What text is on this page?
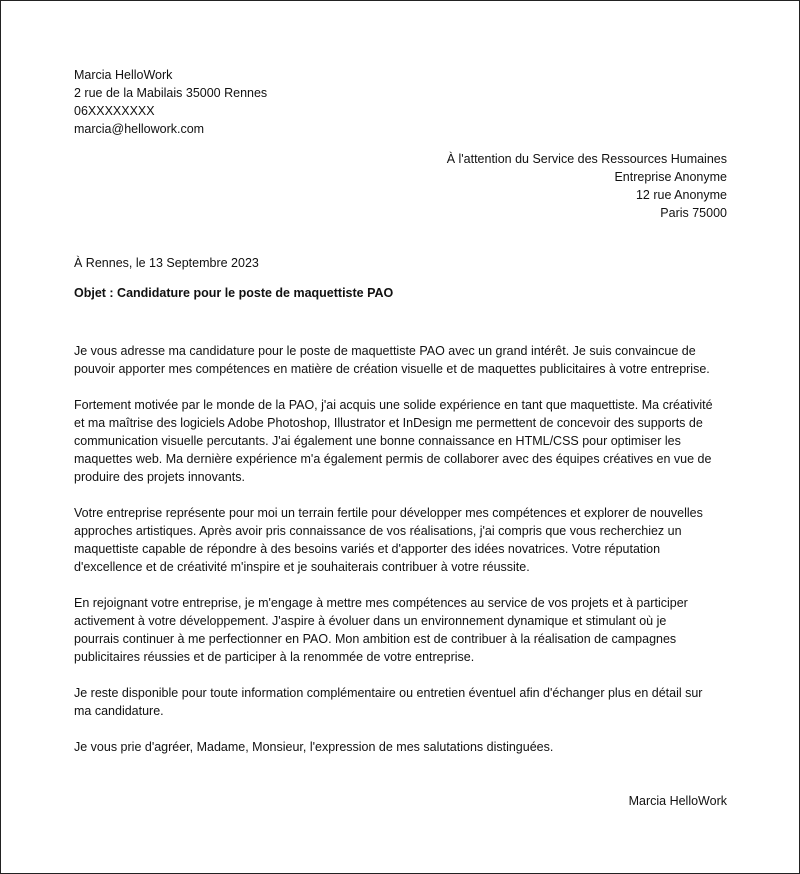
Marcia HelloWork
2 rue de la Mabilais 35000 Rennes
06XXXXXXXX
marcia@hellowork.com
À l'attention du Service des Ressources Humaines
Entreprise Anonyme
12 rue Anonyme
Paris 75000
À Rennes, le 13 Septembre 2023
Objet : Candidature pour le poste de maquettiste PAO

Je vous adresse ma candidature pour le poste de maquettiste PAO avec un grand intérêt. Je suis convaincue de
pouvoir apporter mes compétences en matière de création visuelle et de maquettes publicitaires à votre entreprise.

Fortement motivée par le monde de la PAO, j'ai acquis une solide expérience en tant que maquettiste. Ma créativité
et ma maîtrise des logiciels Adobe Photoshop, Illustrator et InDesign me permettent de concevoir des supports de
communication visuelle percutants. J'ai également une bonne connaissance en HTML/CSS pour optimiser les
maquettes web. Ma dernière expérience m'a également permis de collaborer avec des équipes créatives en vue de
produire des projets innovants.

Votre entreprise représente pour moi un terrain fertile pour développer mes compétences et explorer de nouvelles
approches artistiques. Après avoir pris connaissance de vos réalisations, j'ai compris que vous recherchiez un
maquettiste capable de répondre à des besoins variés et d'apporter des idées novatrices. Votre réputation
d'excellence et de créativité m'inspire et je souhaiterais contribuer à votre réussite.

En rejoignant votre entreprise, je m'engage à mettre mes compétences au service de vos projets et à participer
activement à votre développement. J'aspire à évoluer dans un environnement dynamique et stimulant où je
pourrais continuer à me perfectionner en PAO. Mon ambition est de contribuer à la réalisation de campagnes
publicitaires réussies et de participer à la renommée de votre entreprise.

Je reste disponible pour toute information complémentaire ou entretien éventuel afin d'échanger plus en détail sur
ma candidature.

Je vous prie d'agréer, Madame, Monsieur, l'expression de mes salutations distinguées.

Marcia HelloWork
